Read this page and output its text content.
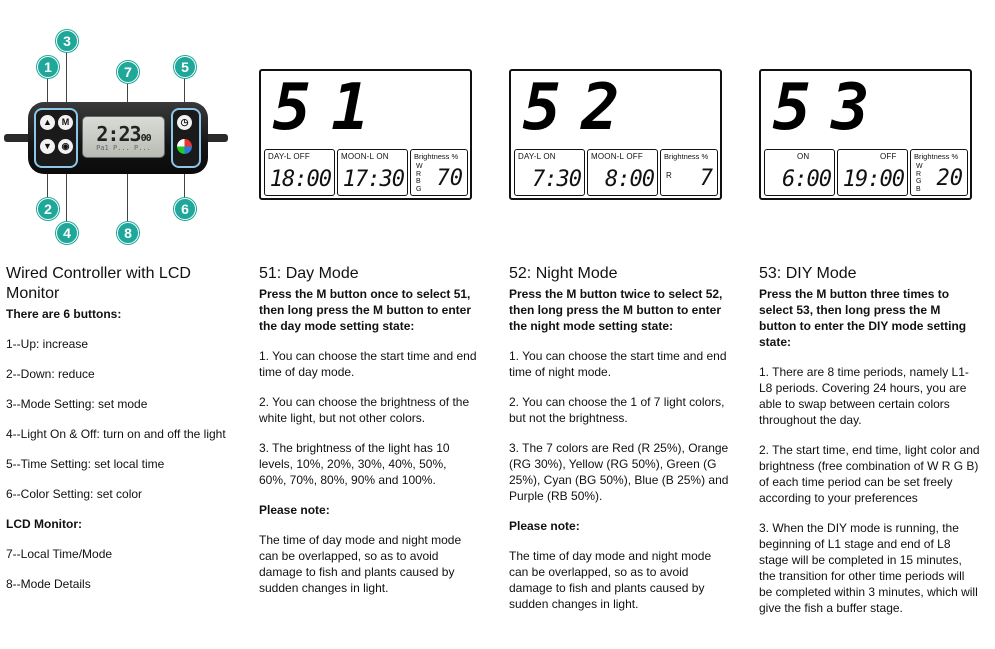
▲	M
▼	◉	2:2300
Pa1 P... P...
◷
1
3
7	5
2
4	8
6
51
DAY-L OFF
18:00
MOON-L ON
17:30
Brightness %
W
R
B
G 70
52
DAY-L ON
7:30
MOON-L OFF
8:00
Brightness %
R 7
53
ON
6:00
OFF
19:00
Brightness %
W
R
G
B 20
Wired Controller with LCD Monitor

There are 6 buttons:

1--Up: increase

2--Down: reduce

3--Mode Setting: set mode

4--Light On & Off: turn on and off the light

5--Time Setting: set local time

6--Color Setting: set color

LCD Monitor:

7--Local Time/Mode

8--Mode Details

51: Day Mode

Press the M button once to select 51, then long press the M button to enter the day mode setting state:

1. You can choose the start time and end time of day mode.

2. You can choose the brightness of the white light, but not other colors.

3. The brightness of the light has 10 levels, 10%, 20%, 30%, 40%, 50%, 60%, 70%, 80%, 90% and 100%.

Please note:

The time of day mode and night mode can be overlapped, so as to avoid damage to fish and plants caused by sudden changes in light.

52: Night Mode

Press the M button twice to select 52, then long press the M button to enter the night mode setting state:

1. You can choose the start time and end time of night mode.

2. You can choose the 1 of 7 light colors, but not the brightness.

3. The 7 colors are Red (R 25%), Orange (RG 30%), Yellow (RG 50%), Green (G 25%), Cyan (BG 50%), Blue (B 25%) and Purple (RB 50%).

Please note:

The time of day mode and night mode can be overlapped, so as to avoid damage to fish and plants caused by sudden changes in light.

53: DIY Mode

Press the M button three times to select 53, then long press the M button to enter the DIY mode setting state:

1. There are 8 time periods, namely L1-L8 periods. Covering 24 hours, you are able to swap between certain colors throughout the day.

2. The start time, end time, light color and brightness (free combination of W R G B) of each time period can be set freely according to your preferences

3. When the DIY mode is running, the beginning of L1 stage and end of L8 stage will be completed in 15 minutes, the transition for other time periods will be completed within 3 minutes, which will give the fish a buffer stage.
